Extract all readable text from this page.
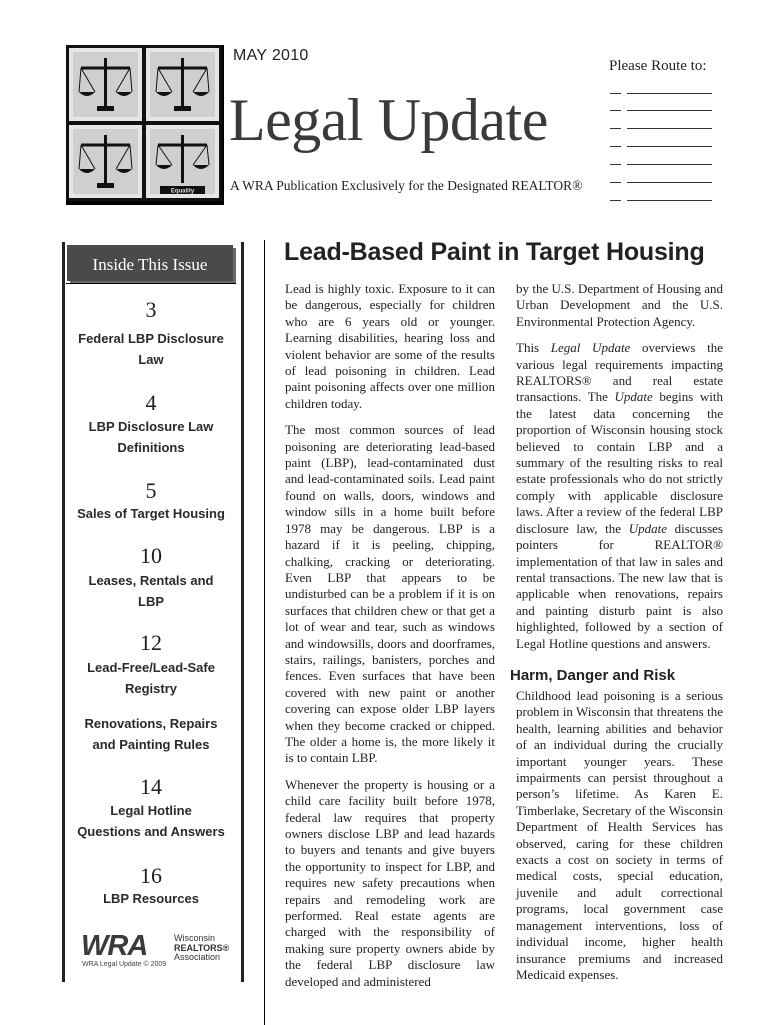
Equality
MAY 2010
Legal Update
A WRA Publication Exclusively for the Designated REALTOR®
Please Route to:
Inside This Issue
3
Federal LBP Disclosure
Law
4
LBP Disclosure Law
Definitions
5
Sales of Target Housing
10
Leases, Rentals and
LBP
12
Lead-Free/Lead-Safe
Registry
Renovations, Repairs
and Painting Rules
14
Legal Hotline
Questions and Answers
16
LBP Resources
WRA	Wisconsin
REALTORS®
Association
WRA Legal Update © 2009
Lead-Based Paint in Target Housing

Lead is highly toxic. Exposure to it can be dangerous, especially for children who are 6 years old or younger. Learning disabilities, hearing loss and violent behavior are some of the results of lead poisoning in children. Lead paint poisoning affects over one million children today.

The most common sources of lead poisoning are deteriorating lead-based paint (LBP), lead-contaminated dust and lead-contaminated soils. Lead paint found on walls, doors, windows and window sills in a home built before 1978 may be dangerous. LBP is a hazard if it is peeling, chipping, chalking, cracking or deteriorating. Even LBP that appears to be undisturbed can be a problem if it is on surfaces that children chew or that get a lot of wear and tear, such as windows and windowsills, doors and doorframes, stairs, railings, banisters, porches and fences. Even surfaces that have been covered with new paint or another covering can expose older LBP layers when they become cracked or chipped. The older a home is, the more likely it is to contain LBP.

Whenever the property is housing or a child care facility built before 1978, federal law requires that property owners disclose LBP and lead hazards to buyers and tenants and give buyers the opportunity to inspect for LBP, and requires new safety precautions when repairs and remodeling work are performed. Real estate agents are charged with the responsibility of making sure property owners abide by the federal LBP disclosure law developed and administered

by the U.S. Department of Housing and Urban Development and the U.S. Environmental Protection Agency.

This Legal Update overviews the various legal requirements impacting REALTORS® and real estate transactions. The Update begins with the latest data concerning the proportion of Wisconsin housing stock believed to contain LBP and a summary of the resulting risks to real estate professionals who do not strictly comply with applicable disclosure laws. After a review of the federal LBP disclosure law, the Update discusses pointers for REALTOR® implementation of that law in sales and rental transactions. The new law that is applicable when renovations, repairs and painting disturb paint is also highlighted, followed by a section of Legal Hotline questions and answers.

Harm, Danger and Risk

Childhood lead poisoning is a serious problem in Wisconsin that threatens the health, learning abilities and behavior of an individual during the crucially important younger years. These impairments can persist throughout a person’s lifetime. As Karen E. Timberlake, Secretary of the Wisconsin Department of Health Services has observed, caring for these children exacts a cost on society in terms of medical costs, special education, juvenile and adult correctional programs, local government case management interventions, loss of individual income, higher health insurance premiums and increased Medicaid expenses.
